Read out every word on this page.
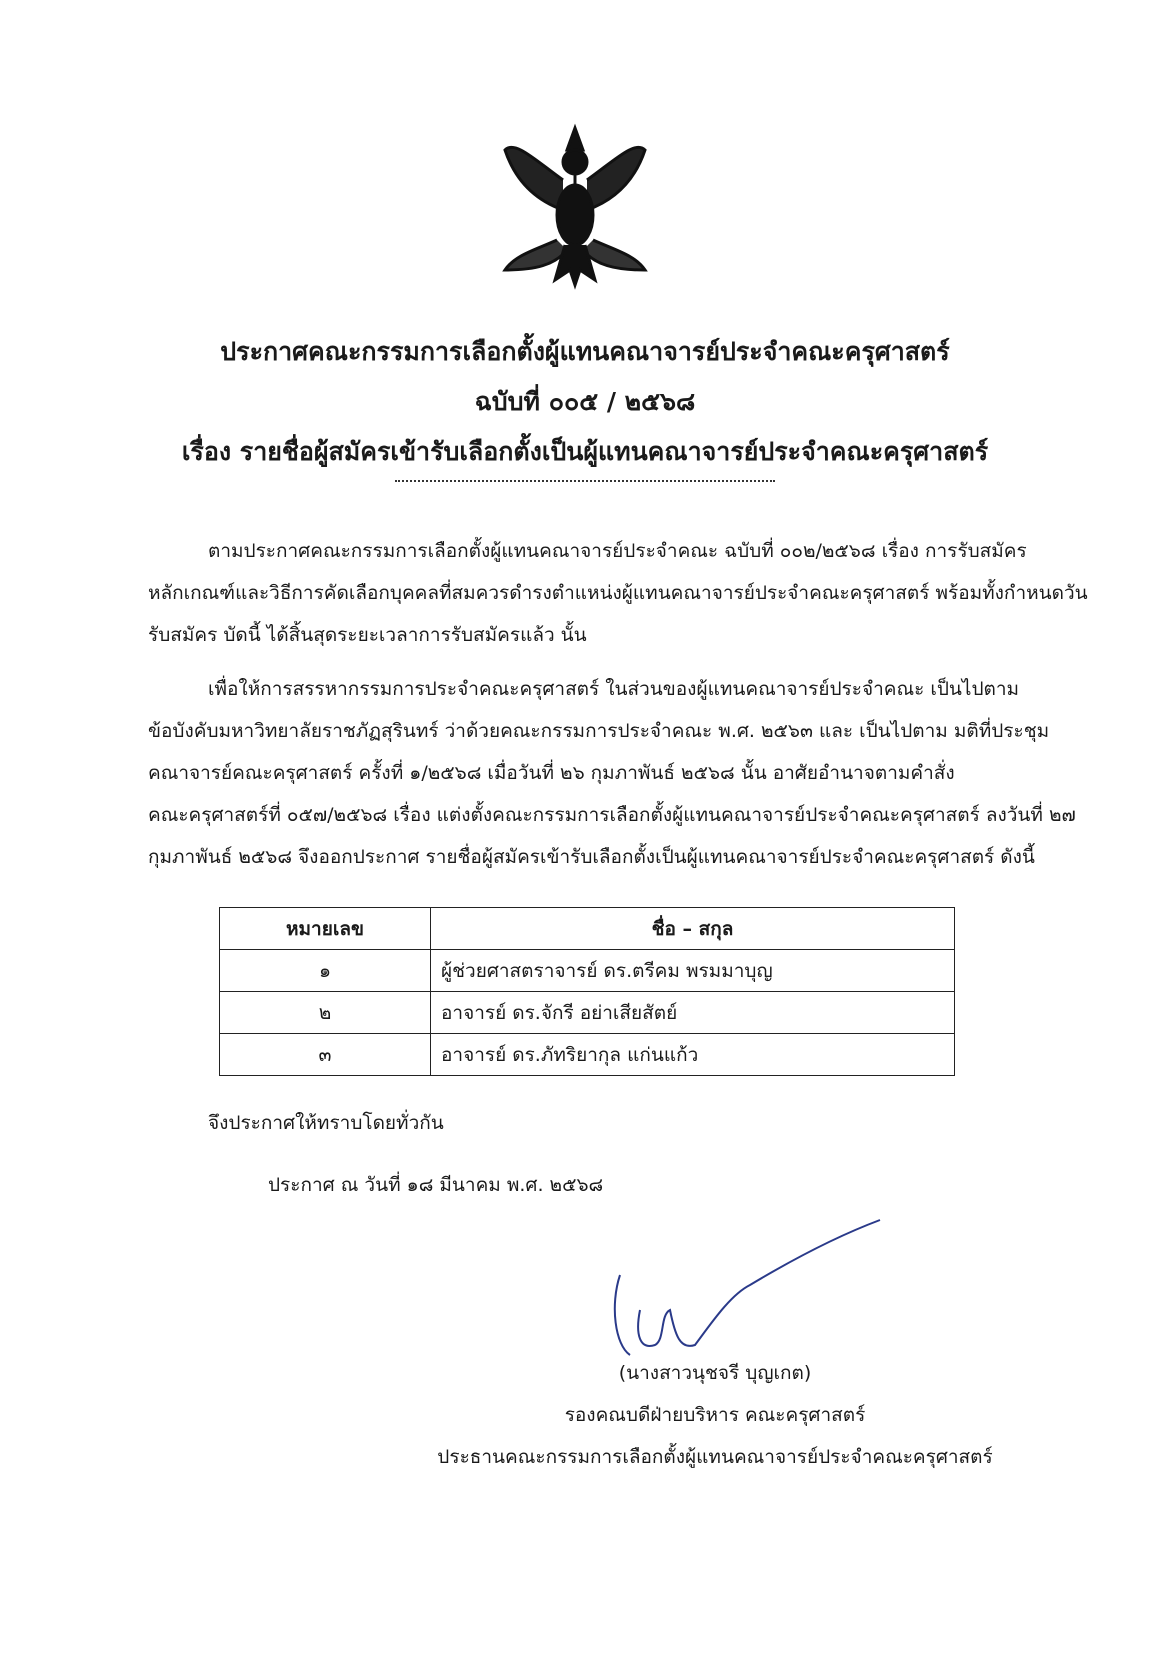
ประกาศคณะกรรมการเลือกตั้งผู้แทนคณาจารย์ประจำคณะครุศาสตร์
ฉบับที่ ๐๐๕ / ๒๕๖๘
เรื่อง รายชื่อผู้สมัครเข้ารับเลือกตั้งเป็นผู้แทนคณาจารย์ประจำคณะครุศาสตร์
ตามประกาศคณะกรรมการเลือกตั้งผู้แทนคณาจารย์ประจำคณะ ฉบับที่ ๐๐๒/๒๕๖๘ เรื่อง การรับสมัคร
หลักเกณฑ์และวิธีการคัดเลือกบุคคลที่สมควรดำรงตำแหน่งผู้แทนคณาจารย์ประจำคณะครุศาสตร์ พร้อมทั้งกำหนดวัน
รับสมัคร บัดนี้ ได้สิ้นสุดระยะเวลาการรับสมัครแล้ว นั้น
เพื่อให้การสรรหากรรมการประจำคณะครุศาสตร์ ในส่วนของผู้แทนคณาจารย์ประจำคณะ เป็นไปตาม
ข้อบังคับมหาวิทยาลัยราชภัฏสุรินทร์ ว่าด้วยคณะกรรมการประจำคณะ พ.ศ. ๒๕๖๓ และ เป็นไปตาม มติที่ประชุม
คณาจารย์คณะครุศาสตร์ ครั้งที่ ๑/๒๕๖๘ เมื่อวันที่ ๒๖ กุมภาพันธ์ ๒๕๖๘ นั้น อาศัยอำนาจตามคำสั่ง
คณะครุศาสตร์ที่ ๐๕๗/๒๕๖๘ เรื่อง แต่งตั้งคณะกรรมการเลือกตั้งผู้แทนคณาจารย์ประจำคณะครุศาสตร์ ลงวันที่ ๒๗
กุมภาพันธ์ ๒๕๖๘ จึงออกประกาศ รายชื่อผู้สมัครเข้ารับเลือกตั้งเป็นผู้แทนคณาจารย์ประจำคณะครุศาสตร์ ดังนี้
หมายเลข	ชื่อ – สกุล
๑	ผู้ช่วยศาสตราจารย์ ดร.ตรีคม พรมมาบุญ
๒	อาจารย์ ดร.จักรี อย่าเสียสัตย์
๓	อาจารย์ ดร.ภัทริยากุล แก่นแก้ว
จึงประกาศให้ทราบโดยทั่วกัน
ประกาศ ณ วันที่ ๑๘ มีนาคม พ.ศ. ๒๕๖๘
(นางสาวนุชจรี บุญเกต)
รองคณบดีฝ่ายบริหาร คณะครุศาสตร์
ประธานคณะกรรมการเลือกตั้งผู้แทนคณาจารย์ประจำคณะครุศาสตร์
